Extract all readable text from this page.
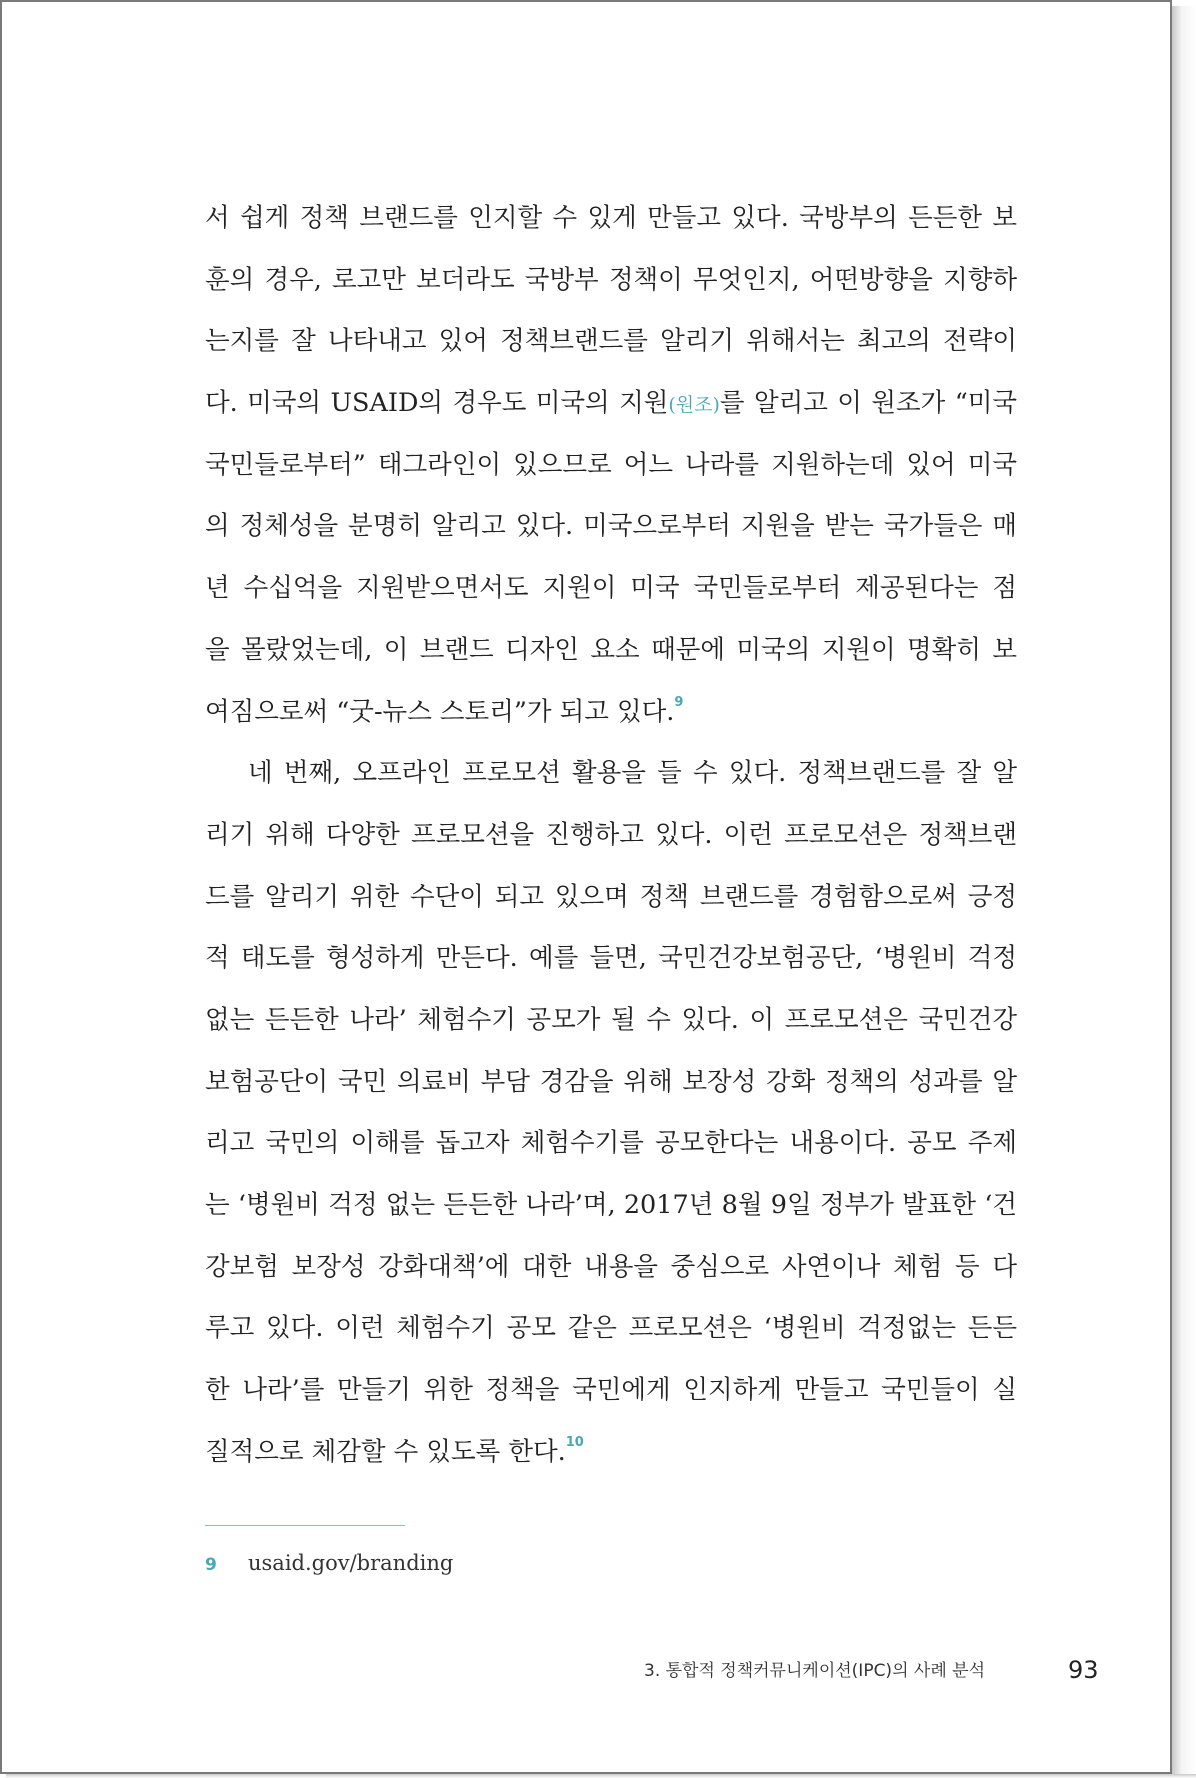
서 쉽게 정책 브랜드를 인지할 수 있게 만들고 있다. 국방부의 든든한 보
훈의 경우, 로고만 보더라도 국방부 정책이 무엇인지, 어떤방향을 지향하
는지를 잘 나타내고 있어 정책브랜드를 알리기 위해서는 최고의 전략이
다. 미국의 USAID의 경우도 미국의 지원(원조)를 알리고 이 원조가 “미국
국민들로부터” 태그라인이 있으므로 어느 나라를 지원하는데 있어 미국
의 정체성을 분명히 알리고 있다. 미국으로부터 지원을 받는 국가들은 매
년 수십억을 지원받으면서도 지원이 미국 국민들로부터 제공된다는 점
을 몰랐었는데, 이 브랜드 디자인 요소 때문에 미국의 지원이 명확히 보
여짐으로써 “굿-뉴스 스토리”가 되고 있다.$^9$
네 번째, 오프라인 프로모션 활용을 들 수 있다. 정책브랜드를 잘 알
리기 위해 다양한 프로모션을 진행하고 있다. 이런 프로모션은 정책브랜
드를 알리기 위한 수단이 되고 있으며 정책 브랜드를 경험함으로써 긍정
적 태도를 형성하게 만든다. 예를 들면, 국민건강보험공단, ‘병원비 걱정
없는 든든한 나라’ 체험수기 공모가 될 수 있다. 이 프로모션은 국민건강
보험공단이 국민 의료비 부담 경감을 위해 보장성 강화 정책의 성과를 알
리고 국민의 이해를 돕고자 체험수기를 공모한다는 내용이다. 공모 주제
는 ‘병원비 걱정 없는 든든한 나라’며, 2017년 8월 9일 정부가 발표한 ‘건
강보험 보장성 강화대책’에 대한 내용을 중심으로 사연이나 체험 등 다
루고 있다. 이런 체험수기 공모 같은 프로모션은 ‘병원비 걱정없는 든든
한 나라’를 만들기 위한 정책을 국민에게 인지하게 만들고 국민들이 실
질적으로 체감할 수 있도록 한다.$^{10}$
9 usaid.gov/branding
3. 통합적 정책커뮤니케이션(IPC)의 사례 분석	93
